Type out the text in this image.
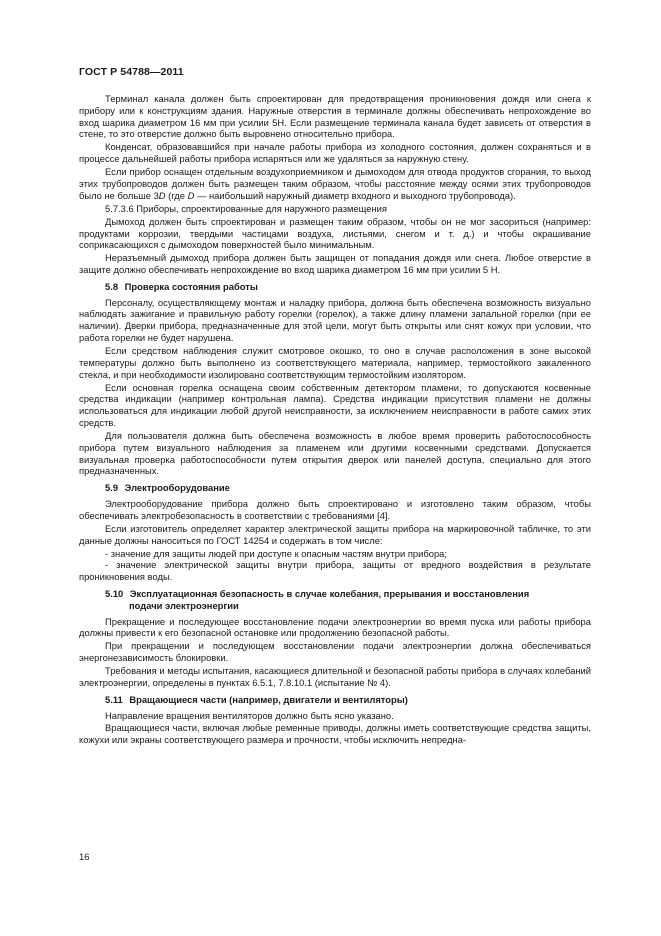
ГОСТ Р 54788—2011

Терминал канала должен быть спроектирован для предотвращения проникновения дождя или снега к прибору или к конструкциям здания. Наружные отверстия в терминале должны обеспечивать непрохождение во вход шарика диаметром 16 мм при усилии 5Н. Если размещение терминала канала будет зависеть от отверстия в стене, то это отверстие должно быть выровнено относительно прибора.

Конденсат, образовавшийся при начале работы прибора из холодного состояния, должен сохраняться и в процессе дальнейшей работы прибора испаряться или же удаляться за наружную стену.

Если прибор оснащен отдельным воздухоприемником и дымоходом для отвода продуктов сгорания, то выход этих трубопроводов должен быть размещен таким образом, чтобы расстояние между осями этих трубопроводов было не больше 3D (где D — наибольший наружный диаметр входного и выходного трубопровода).

5.7.3.6 Приборы, спроектированные для наружного размещения

Дымоход должен быть спроектирован и размещен таким образом, чтобы он не мог засориться (например: продуктами коррозии, твердыми частицами воздуха, листьями, снегом и т. д.) и чтобы окрашивание соприкасающихся с дымоходом поверхностей было минимальным.

Неразъемный дымоход прибора должен быть защищен от попадания дождя или снега. Любое отверстие в защите должно обеспечивать непрохождение во вход шарика диаметром 16 мм при усилии 5 Н.

5.8 Проверка состояния работы

Персоналу, осуществляющему монтаж и наладку прибора, должна быть обеспечена возможность визуально наблюдать зажигание и правильную работу горелки (горелок), а также длину пламени запальной горелки (при ее наличии). Дверки прибора, предназначенные для этой цели, могут быть открыты или снят кожух при условии, что работа горелки не будет нарушена.

Если средством наблюдения служит смотровое окошко, то оно в случае расположения в зоне высокой температуры должно быть выполнено из соответствующего материала, например, термостойкого закаленного стекла, и при необходимости изолировано соответствующим термостойким изолятором.

Если основная горелка оснащена своим собственным детектором пламени, то допускаются косвенные средства индикации (например контрольная лампа). Средства индикации присутствия пламени не должны использоваться для индикации любой другой неисправности, за исключением неисправности в работе самих этих средств.

Для пользователя должна быть обеспечена возможность в любое время проверить работоспособность прибора путем визуального наблюдения за пламенем или другими косвенными средствами. Допускается визуальная проверка работоспособности путем открытия дверок или панелей доступа, специально для этого предназначенных.

5.9 Электрооборудование

Электрооборудование прибора должно быть спроектировано и изготовлено таким образом, чтобы обеспечивать электробезопасность в соответствии с требованиями [4].

Если изготовитель определяет характер электрической защиты прибора на маркировочной табличке, то эти данные должны наноситься по ГОСТ 14254 и содержать в том числе:

- значение для защиты людей при доступе к опасным частям внутри прибора;

- значение электрической защиты внутри прибора, защиты от вредного воздействия в результате проникновения воды.

5.10 Эксплуатационная безопасность в случае колебания, прерывания и восстановления
подачи электроэнергии

Прекращение и последующее восстановление подачи электроэнергии во время пуска или работы прибора должны привести к его безопасной остановке или продолжению безопасной работы.

При прекращении и последующем восстановлении подачи электроэнергии должна обеспечиваться энергонезависимость блокировки.

Требования и методы испытания, касающиеся длительной и безопасной работы прибора в случаях колебаний электроэнергии, определены в пунктах 6.5.1, 7.8.10.1 (испытание № 4).

5.11 Вращающиеся части (например, двигатели и вентиляторы)

Направление вращения вентиляторов должно быть ясно указано.

Вращающиеся части, включая любые ременные приводы, должны иметь соответствующие средства защиты, кожухи или экраны соответствующего размера и прочности, чтобы исключить непредна-

16
